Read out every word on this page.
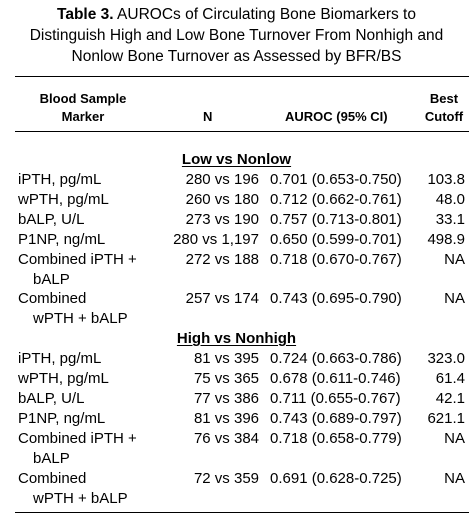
Table 3. AUROCs of Circulating Bone Biomarkers to
Distinguish High and Low Bone Turnover From Nonhigh and
Nonlow Bone Turnover as Assessed by BFR/BS
Blood Sample
Marker	N	AUROC (95% CI)
Best
Cutoff
Low vs Nonlow
iPTH, pg/mL	280 vs 196 0.701 (0.653-0.750)	103.8
wPTH, pg/mL	260 vs 180 0.712 (0.662-0.761)	48.0
bALP, U/L	273 vs 190 0.757 (0.713-0.801)	33.1
P1NP, ng/mL	280 vs 1,197 0.650 (0.599-0.701)	498.9
Combined iPTH +
bALP
272 vs 188 0.718 (0.670-0.767)	NA
Combined
wPTH + bALP
257 vs 174 0.743 (0.695-0.790)	NA
High vs Nonhigh
iPTH, pg/mL	81 vs 395 0.724 (0.663-0.786)	323.0
wPTH, pg/mL	75 vs 365 0.678 (0.611-0.746)	61.4
bALP, U/L	77 vs 386 0.711 (0.655-0.767)	42.1
P1NP, ng/mL	81 vs 396 0.743 (0.689-0.797)	621.1
Combined iPTH +
bALP
76 vs 384 0.718 (0.658-0.779)	NA
Combined
wPTH + bALP
72 vs 359 0.691 (0.628-0.725)	NA
